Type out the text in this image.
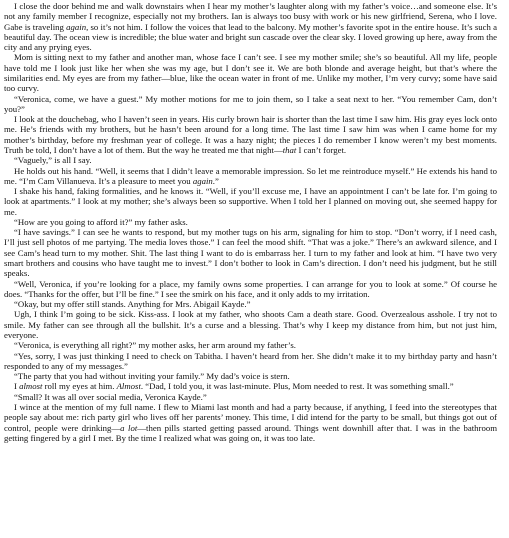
I close the door behind me and walk downstairs when I hear my mother’s laughter along with my father’s voice…and someone else. It’s not any family member I recognize, especially not my brothers. Ian is always too busy with work or his new girlfriend, Serena, who I love. Gabe is traveling again, so it’s not him. I follow the voices that lead to the balcony. My mother’s favorite spot in the entire house. It’s such a beautiful day. The ocean view is incredible; the blue water and bright sun cascade over the clear sky. I loved growing up here, away from the city and any prying eyes.

Mom is sitting next to my father and another man, whose face I can’t see. I see my mother smile; she’s so beautiful. All my life, people have told me I look just like her when she was my age, but I don’t see it. We are both blonde and average height, but that’s where the similarities end. My eyes are from my father—blue, like the ocean water in front of me. Unlike my mother, I’m very curvy; some have said too curvy.

“Veronica, come, we have a guest.” My mother motions for me to join them, so I take a seat next to her. “You remember Cam, don’t you?”

I look at the douchebag, who I haven’t seen in years. His curly brown hair is shorter than the last time I saw him. His gray eyes lock onto me. He’s friends with my brothers, but he hasn’t been around for a long time. The last time I saw him was when I came home for my mother’s birthday, before my freshman year of college. It was a hazy night; the pieces I do remember I know weren’t my best moments. Truth be told, I don’t have a lot of them. But the way he treated me that night—that I can’t forget.

“Vaguely,” is all I say.

He holds out his hand. “Well, it seems that I didn’t leave a memorable impression. So let me reintroduce myself.” He extends his hand to me. “I’m Cam Villanueva. It’s a pleasure to meet you again.”

I shake his hand, faking formalities, and he knows it. “Well, if you’ll excuse me, I have an appointment I can’t be late for. I’m going to look at apartments.” I look at my mother; she’s always been so supportive. When I told her I planned on moving out, she seemed happy for me.

“How are you going to afford it?” my father asks.

“I have savings.” I can see he wants to respond, but my mother tugs on his arm, signaling for him to stop. “Don’t worry, if I need cash, I’ll just sell photos of me partying. The media loves those.” I can feel the mood shift. “That was a joke.” There’s an awkward silence, and I see Cam’s head turn to my mother. Shit. The last thing I want to do is embarrass her. I turn to my father and look at him. “I have two very smart brothers and cousins who have taught me to invest.” I don’t bother to look in Cam’s direction. I don’t need his judgment, but he still speaks.

“Well, Veronica, if you’re looking for a place, my family owns some properties. I can arrange for you to look at some.” Of course he does. “Thanks for the offer, but I’ll be fine.” I see the smirk on his face, and it only adds to my irritation.

“Okay, but my offer still stands. Anything for Mrs. Abigail Kayde.”

Ugh, I think I’m going to be sick. Kiss-ass. I look at my father, who shoots Cam a death stare. Good. Overzealous asshole. I try not to smile. My father can see through all the bullshit. It’s a curse and a blessing. That’s why I keep my distance from him, but not just him, everyone.

“Veronica, is everything all right?” my mother asks, her arm around my father’s.

“Yes, sorry, I was just thinking I need to check on Tabitha. I haven’t heard from her. She didn’t make it to my birthday party and hasn’t responded to any of my messages.”

“The party that you had without inviting your family.” My dad’s voice is stern.

I almost roll my eyes at him. Almost. “Dad, I told you, it was last-minute. Plus, Mom needed to rest. It was something small.”

“Small? It was all over social media, Veronica Kayde.”

I wince at the mention of my full name. I flew to Miami last month and had a party because, if anything, I feed into the stereotypes that people say about me: rich party girl who lives off her parents’ money. This time, I did intend for the party to be small, but things got out of control, people were drinking—a lot—then pills started getting passed around. Things went downhill after that. I was in the bathroom getting fingered by a girl I met. By the time I realized what was going on, it was too late.
